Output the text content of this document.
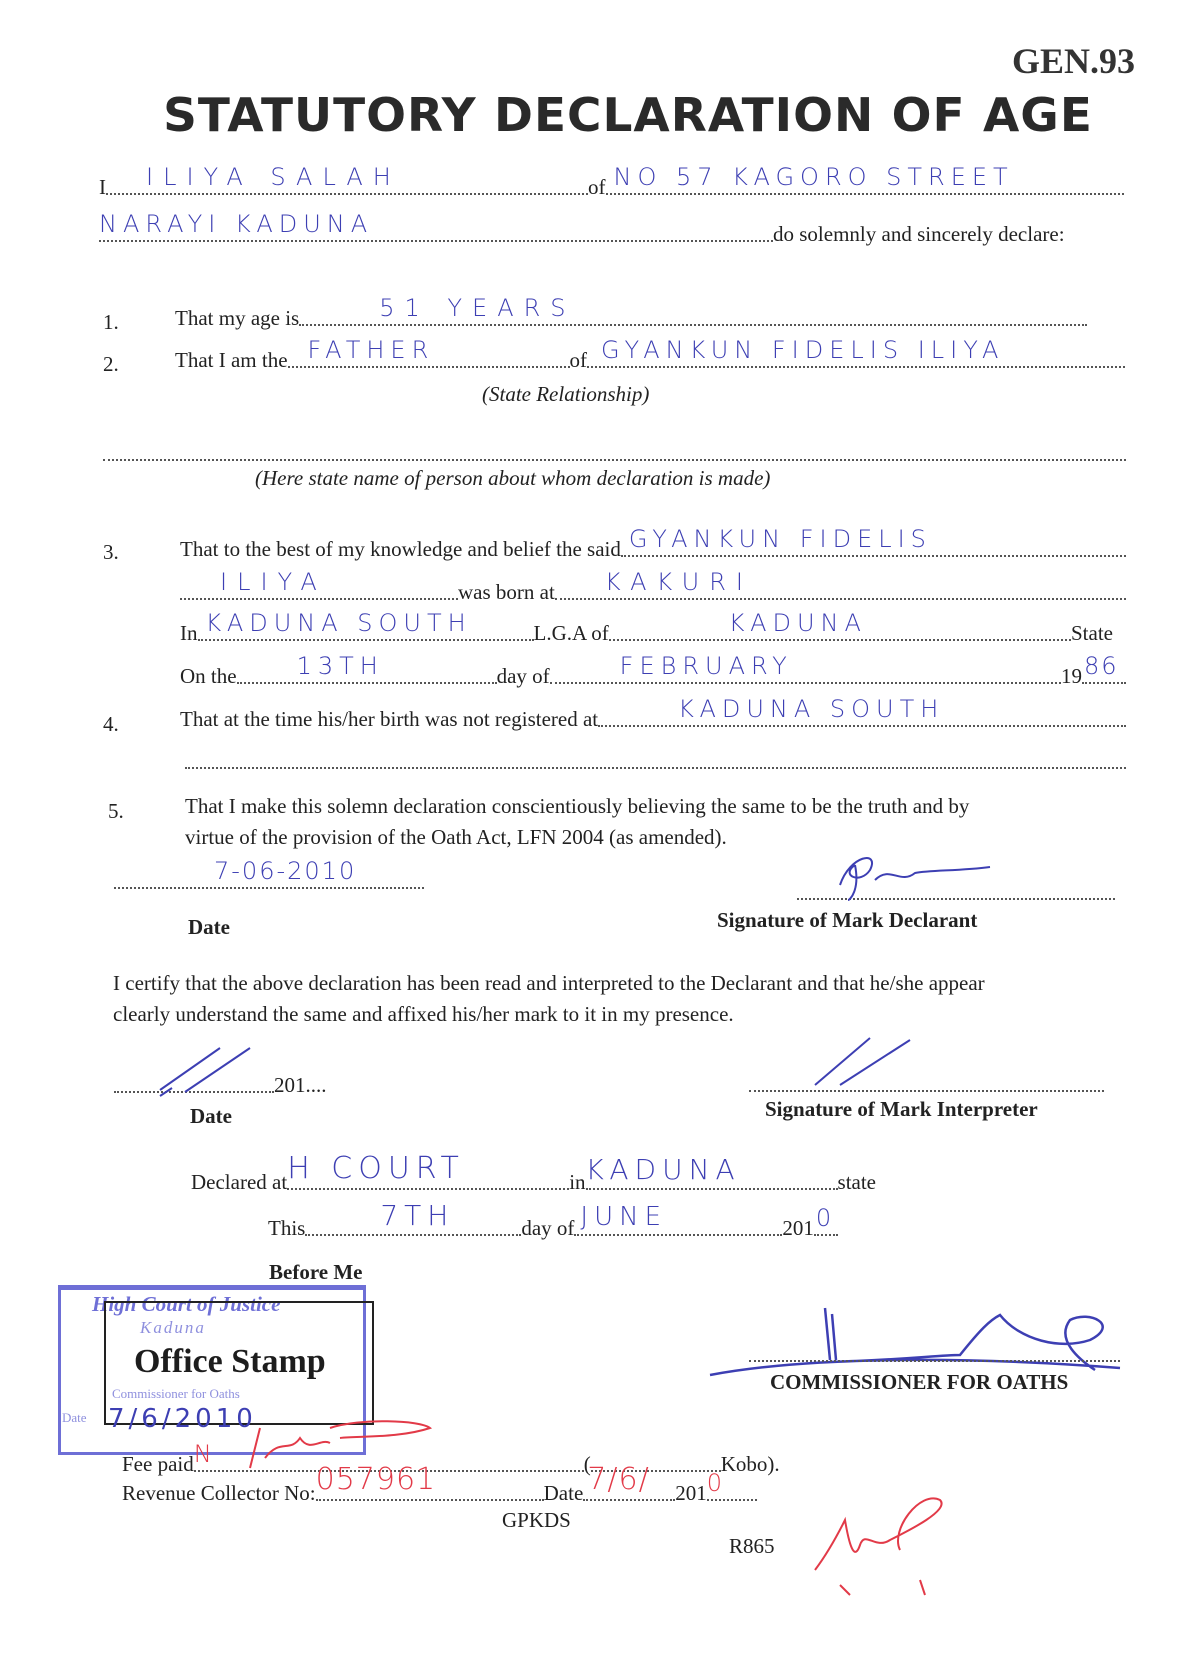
GEN.93
STATUTORY DECLARATION OF AGE
I	ILIYA SALAH	of NO 57 KAGORO STREET
NARAYI KADUNA	do solemnly and sincerely declare:
1.	That my age is	51 YEARS
2.	That I am the FATHER	of GYANKUN FIDELIS ILIYA
(State Relationship)
(Here state name of person about whom declaration is made)
3.	That to the best of my knowledge and belief the said GYANKUN FIDELIS
ILIYA	was born at	KAKURI
In KADUNA SOUTH	L.G.A of	KADUNA	State
On the	13TH	day of	FEBRUARY	19 86
4.	That at the time his/her birth was not registered at	KADUNA SOUTH
5.	That I make this solemn declaration conscientiously believing the same to be the truth and by
virtue of the provision of the Oath Act, LFN 2004 (as amended).
7-06-2010
Date	Signature of Mark Declarant
I certify that the above declaration has been read and interpreted to the Declarant and that he/she appear
clearly understand the same and affixed his/her mark to it in my presence.
201....
Date	Signature of Mark Interpreter
Declared at H COURT	in KADUNA	state
This	7TH	day of JUNE	201 0
Before Me
High Court of Justice
Kaduna
Office Stamp
Commissioner for Oaths
Date 7/6/2010
COMMISSIONER FOR OATHS
Fee paid N	(	Kobo).
Revenue Collector No: 057961	Date 7/6/	201 0
GPKDS
R865
